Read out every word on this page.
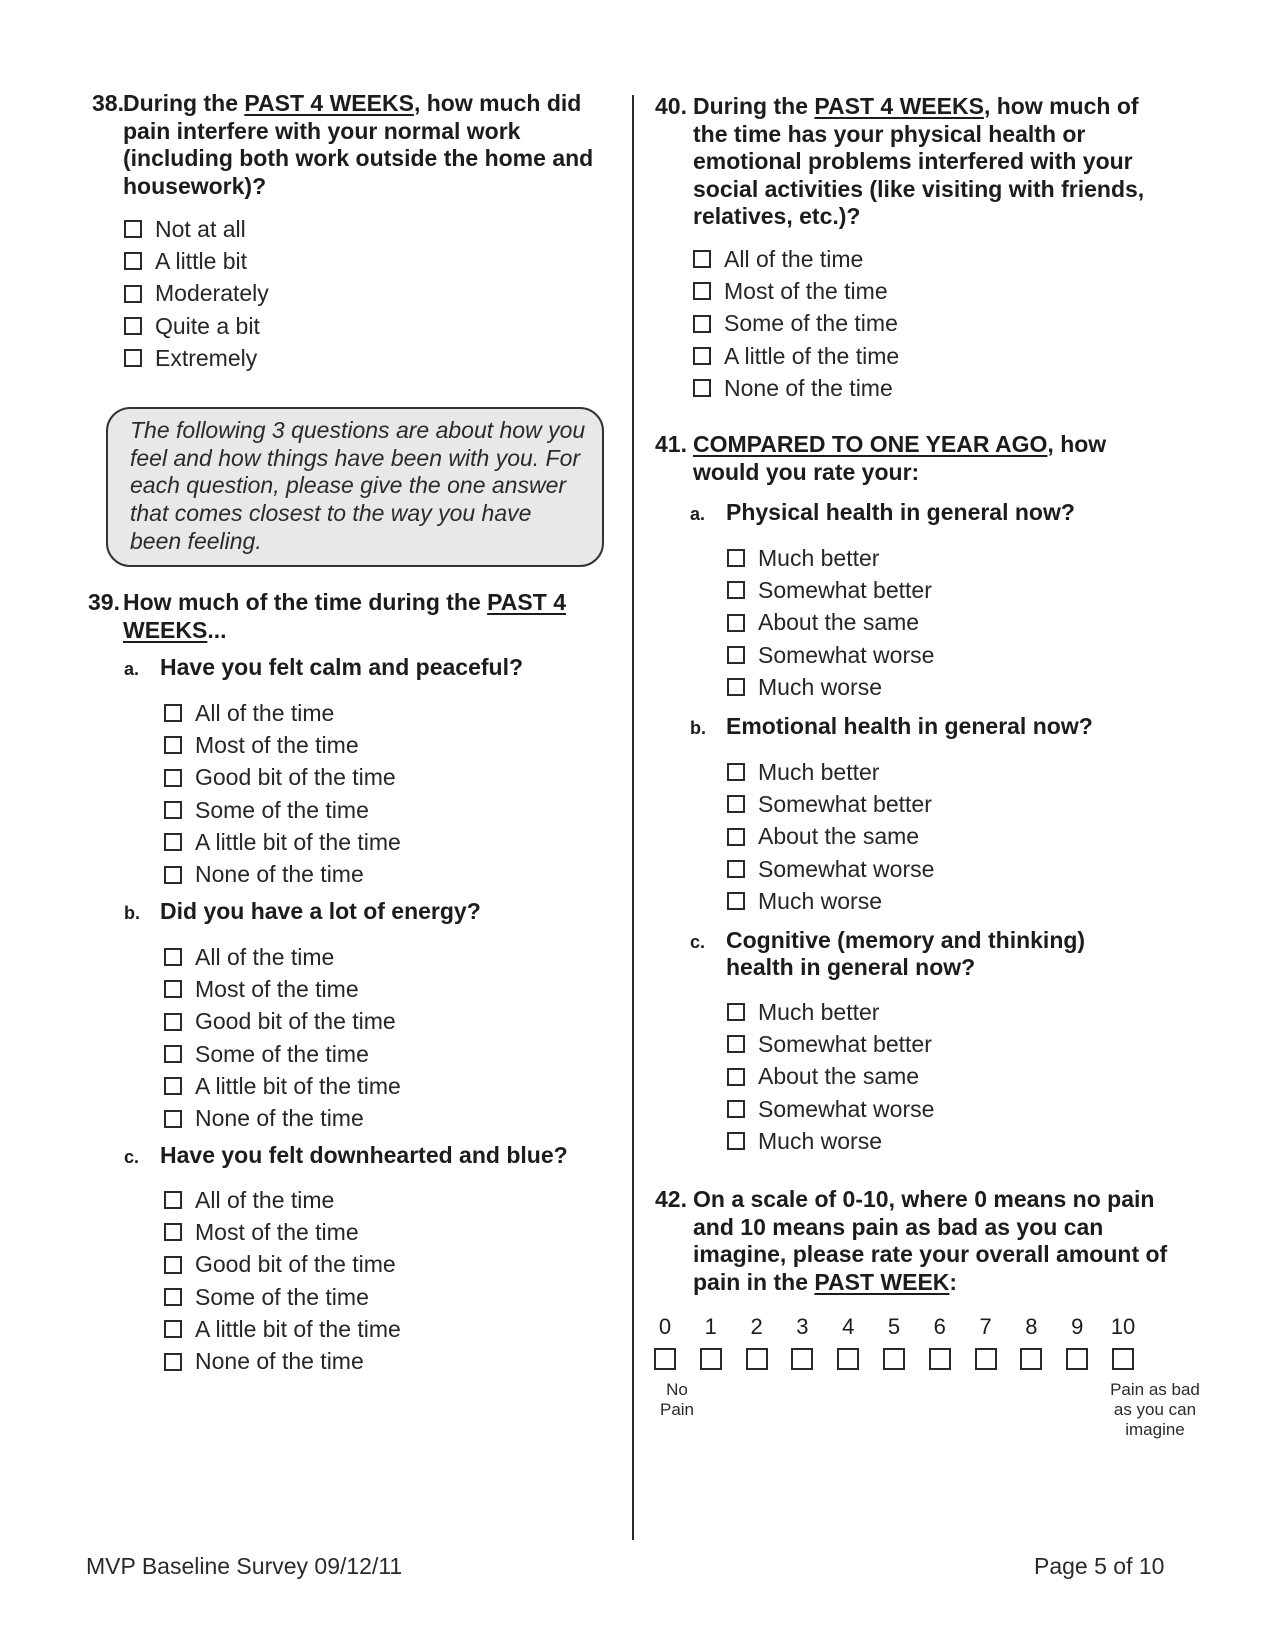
38. During the PAST 4 WEEKS, how much did pain interfere with your normal work (including both work outside the home and housework)?
Not at all
A little bit
Moderately
Quite a bit
Extremely
The following 3 questions are about how you feel and how things have been with you. For each question, please give the one answer that comes closest to the way you have been feeling.
39. How much of the time during the PAST 4 WEEKS...
a. Have you felt calm and peaceful?
All of the time
Most of the time
Good bit of the time
Some of the time
A little bit of the time
None of the time
b. Did you have a lot of energy?
All of the time
Most of the time
Good bit of the time
Some of the time
A little bit of the time
None of the time
c. Have you felt downhearted and blue?
All of the time
Most of the time
Good bit of the time
Some of the time
A little bit of the time
None of the time
40. During the PAST 4 WEEKS, how much of the time has your physical health or emotional problems interfered with your social activities (like visiting with friends, relatives, etc.)?
All of the time
Most of the time
Some of the time
A little of the time
None of the time
41. COMPARED TO ONE YEAR AGO, how would you rate your:
a. Physical health in general now?
Much better
Somewhat better
About the same
Somewhat worse
Much worse
b. Emotional health in general now?
Much better
Somewhat better
About the same
Somewhat worse
Much worse
c. Cognitive (memory and thinking) health in general now?
Much better
Somewhat better
About the same
Somewhat worse
Much worse
42. On a scale of 0-10, where 0 means no pain and 10 means pain as bad as you can imagine, please rate your overall amount of pain in the PAST WEEK:
No Pain
Pain as bad as you can imagine
0	1	2	3	4	5	6	7	8	9	10
MVP Baseline Survey 09/12/11	Page 5 of 10
